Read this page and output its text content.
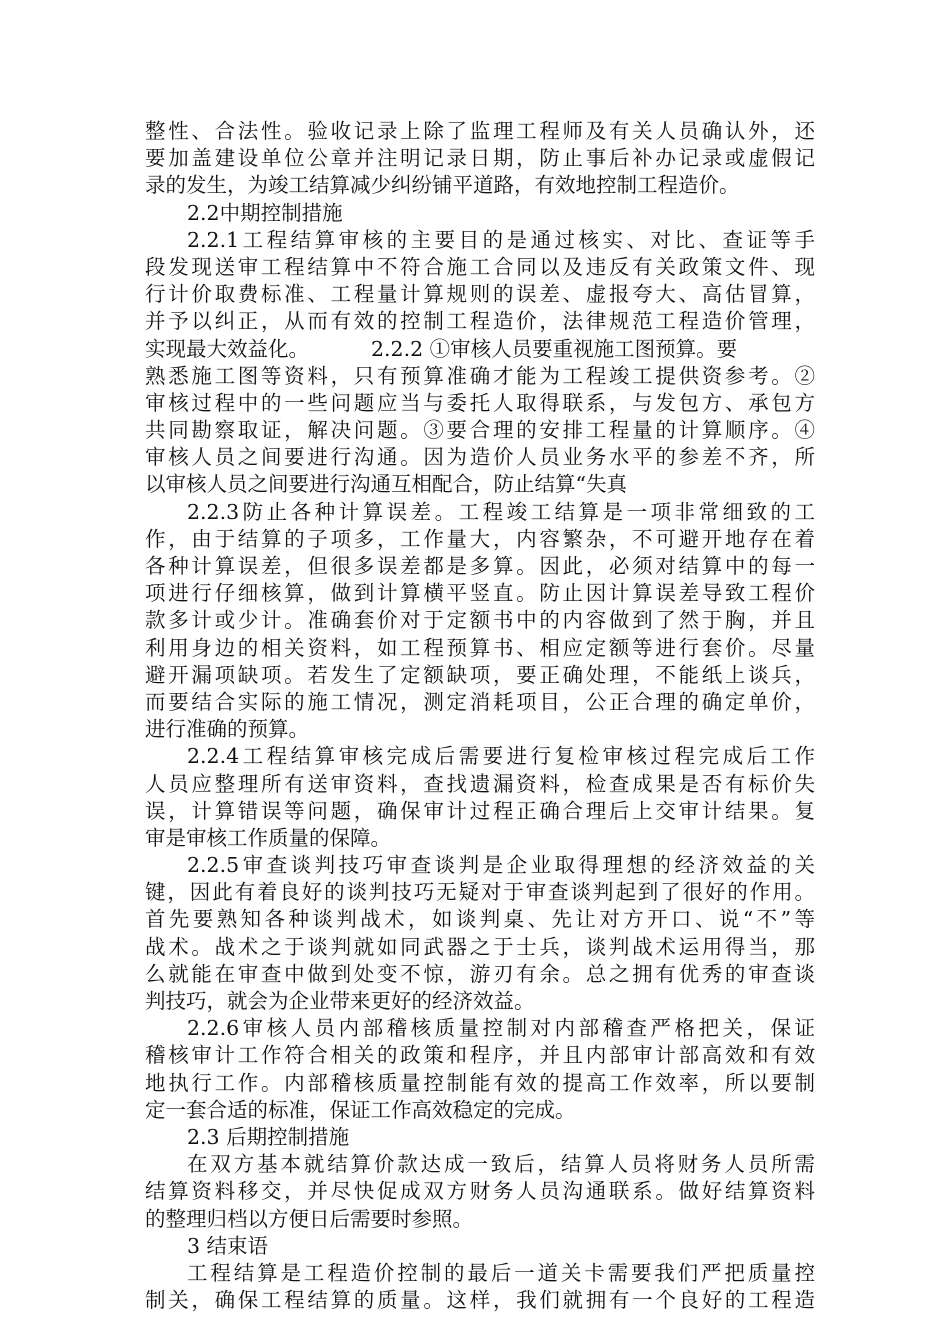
整性、合法性。验收记录上除了监理工程师及有关人员确认外，还
要加盖建设单位公章并注明记录日期，防止事后补办记录或虚假记
录的发生，为竣工结算减少纠纷铺平道路，有效地控制工程造价。
2.2中期控制措施
2.2.1工程结算审核的主要目的是通过核实、对比、查证等手
段发现送审工程结算中不符合施工合同以及违反有关政策文件、现
行计价取费标准、工程量计算规则的误差、虚报夸大、高估冒算，
并予以纠正，从而有效的控制工程造价，法律规范工程造价管理，
实现最大效益化。	2.2.2 ①审核人员要重视施工图预算。要
熟悉施工图等资料，只有预算准确才能为工程竣工提供资参考。②
审核过程中的一些问题应当与委托人取得联系，与发包方、承包方
共同勘察取证，解决问题。③要合理的安排工程量的计算顺序。④
审核人员之间要进行沟通。因为造价人员业务水平的参差不齐，所
以审核人员之间要进行沟通互相配合，防止结算“失真
2.2.3防止各种计算误差。工程竣工结算是一项非常细致的工
作，由于结算的子项多，工作量大，内容繁杂，不可避开地存在着
各种计算误差，但很多误差都是多算。因此，必须对结算中的每一
项进行仔细核算，做到计算横平竖直。防止因计算误差导致工程价
款多计或少计。准确套价对于定额书中的内容做到了然于胸，并且
利用身边的相关资料，如工程预算书、相应定额等进行套价。尽量
避开漏项缺项。若发生了定额缺项，要正确处理，不能纸上谈兵，
而要结合实际的施工情况，测定消耗项目，公正合理的确定单价，
进行准确的预算。
2.2.4工程结算审核完成后需要进行复检审核过程完成后工作
人员应整理所有送审资料，查找遗漏资料，检查成果是否有标价失
误，计算错误等问题，确保审计过程正确合理后上交审计结果。复
审是审核工作质量的保障。
2.2.5审查谈判技巧审查谈判是企业取得理想的经济效益的关
键，因此有着良好的谈判技巧无疑对于审查谈判起到了很好的作用。
首先要熟知各种谈判战术，如谈判桌、先让对方开口、说“不”等
战术。战术之于谈判就如同武器之于士兵，谈判战术运用得当，那
么就能在审查中做到处变不惊，游刃有余。总之拥有优秀的审查谈
判技巧，就会为企业带来更好的经济效益。
2.2.6审核人员内部稽核质量控制对内部稽查严格把关，保证
稽核审计工作符合相关的政策和程序，并且内部审计部高效和有效
地执行工作。内部稽核质量控制能有效的提高工作效率，所以要制
定一套合适的标准，保证工作高效稳定的完成。
2.3 后期控制措施
在双方基本就结算价款达成一致后，结算人员将财务人员所需
结算资料移交，并尽快促成双方财务人员沟通联系。做好结算资料
的整理归档以方便日后需要时参照。
3 结束语
工程结算是工程造价控制的最后一道关卡需要我们严把质量控
制关，确保工程结算的质量。这样，我们就拥有一个良好的工程造
